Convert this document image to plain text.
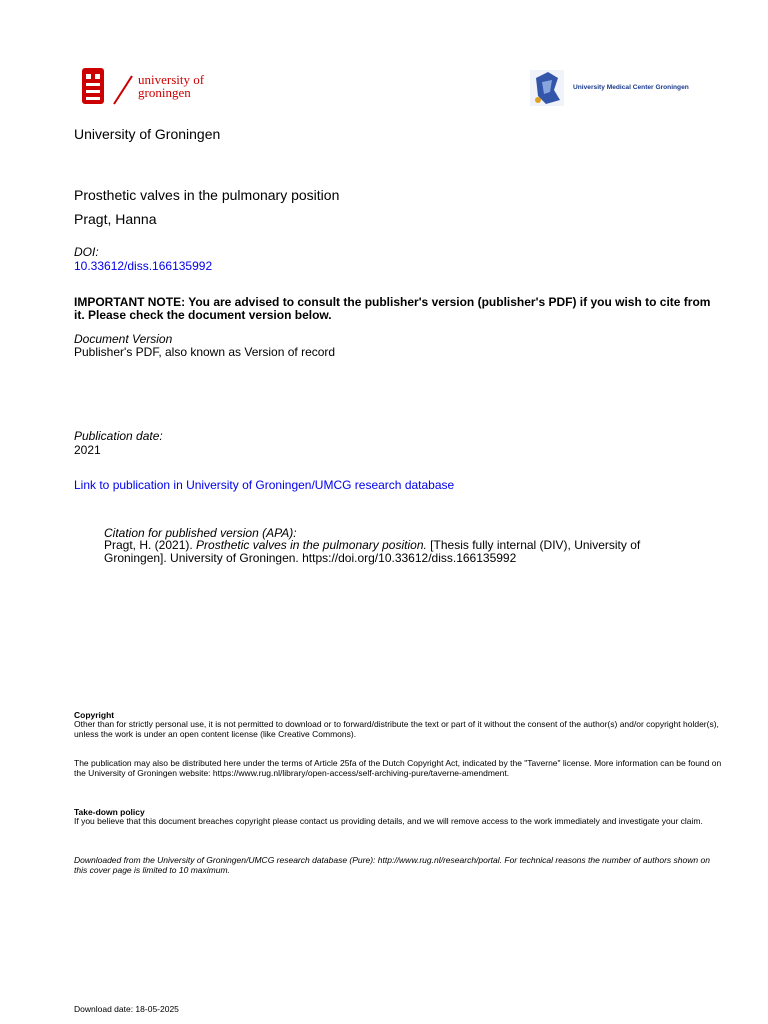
university of
groningen	University Medical Center Groningen
University of Groningen
Prosthetic valves in the pulmonary position
Pragt, Hanna
DOI:
10.33612/diss.166135992
IMPORTANT NOTE: You are advised to consult the publisher's version (publisher's PDF) if you wish to cite from it. Please check the document version below.
Document Version
Publisher's PDF, also known as Version of record
Publication date:
2021
Link to publication in University of Groningen/UMCG research database
Citation for published version (APA):
Pragt, H. (2021). Prosthetic valves in the pulmonary position. [Thesis fully internal (DIV), University of Groningen]. University of Groningen. https://doi.org/10.33612/diss.166135992
Copyright
Other than for strictly personal use, it is not permitted to download or to forward/distribute the text or part of it without the consent of the author(s) and/or copyright holder(s), unless the work is under an open content license (like Creative Commons).
The publication may also be distributed here under the terms of Article 25fa of the Dutch Copyright Act, indicated by the "Taverne" license. More information can be found on the University of Groningen website: https://www.rug.nl/library/open-access/self-archiving-pure/taverne-amendment.
Take-down policy
If you believe that this document breaches copyright please contact us providing details, and we will remove access to the work immediately and investigate your claim.
Downloaded from the University of Groningen/UMCG research database (Pure): http://www.rug.nl/research/portal. For technical reasons the number of authors shown on this cover page is limited to 10 maximum.
Download date: 18-05-2025
